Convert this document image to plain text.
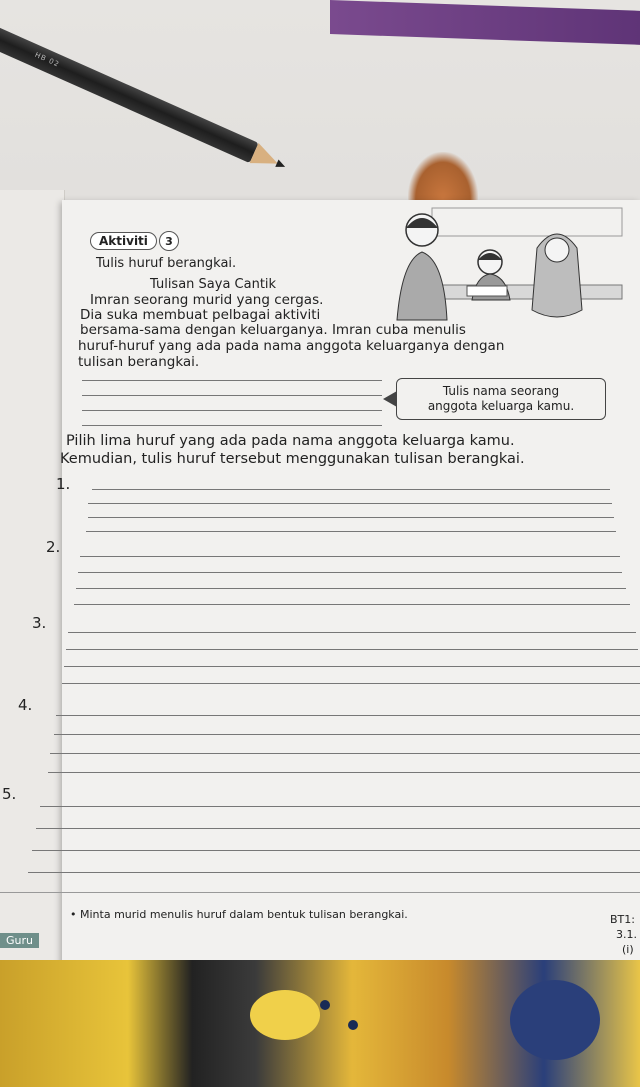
HB 02
Aktiviti	3
Tulis huruf berangkai.
Tulisan Saya Cantik
Imran seorang murid yang cergas.
Dia suka membuat pelbagai aktiviti
bersama-sama dengan keluarganya. Imran cuba menulis
huruf-huruf yang ada pada nama anggota keluarganya dengan
tulisan berangkai.
Tulis nama seorang
anggota keluarga kamu.
Pilih lima huruf yang ada pada nama anggota keluarga kamu.
Kemudian, tulis huruf tersebut menggunakan tulisan berangkai.
1.
2.
3.
4.
5.
• Minta murid menulis huruf dalam bentuk tulisan berangkai.
Guru
BT1:
3.1.
(i)
